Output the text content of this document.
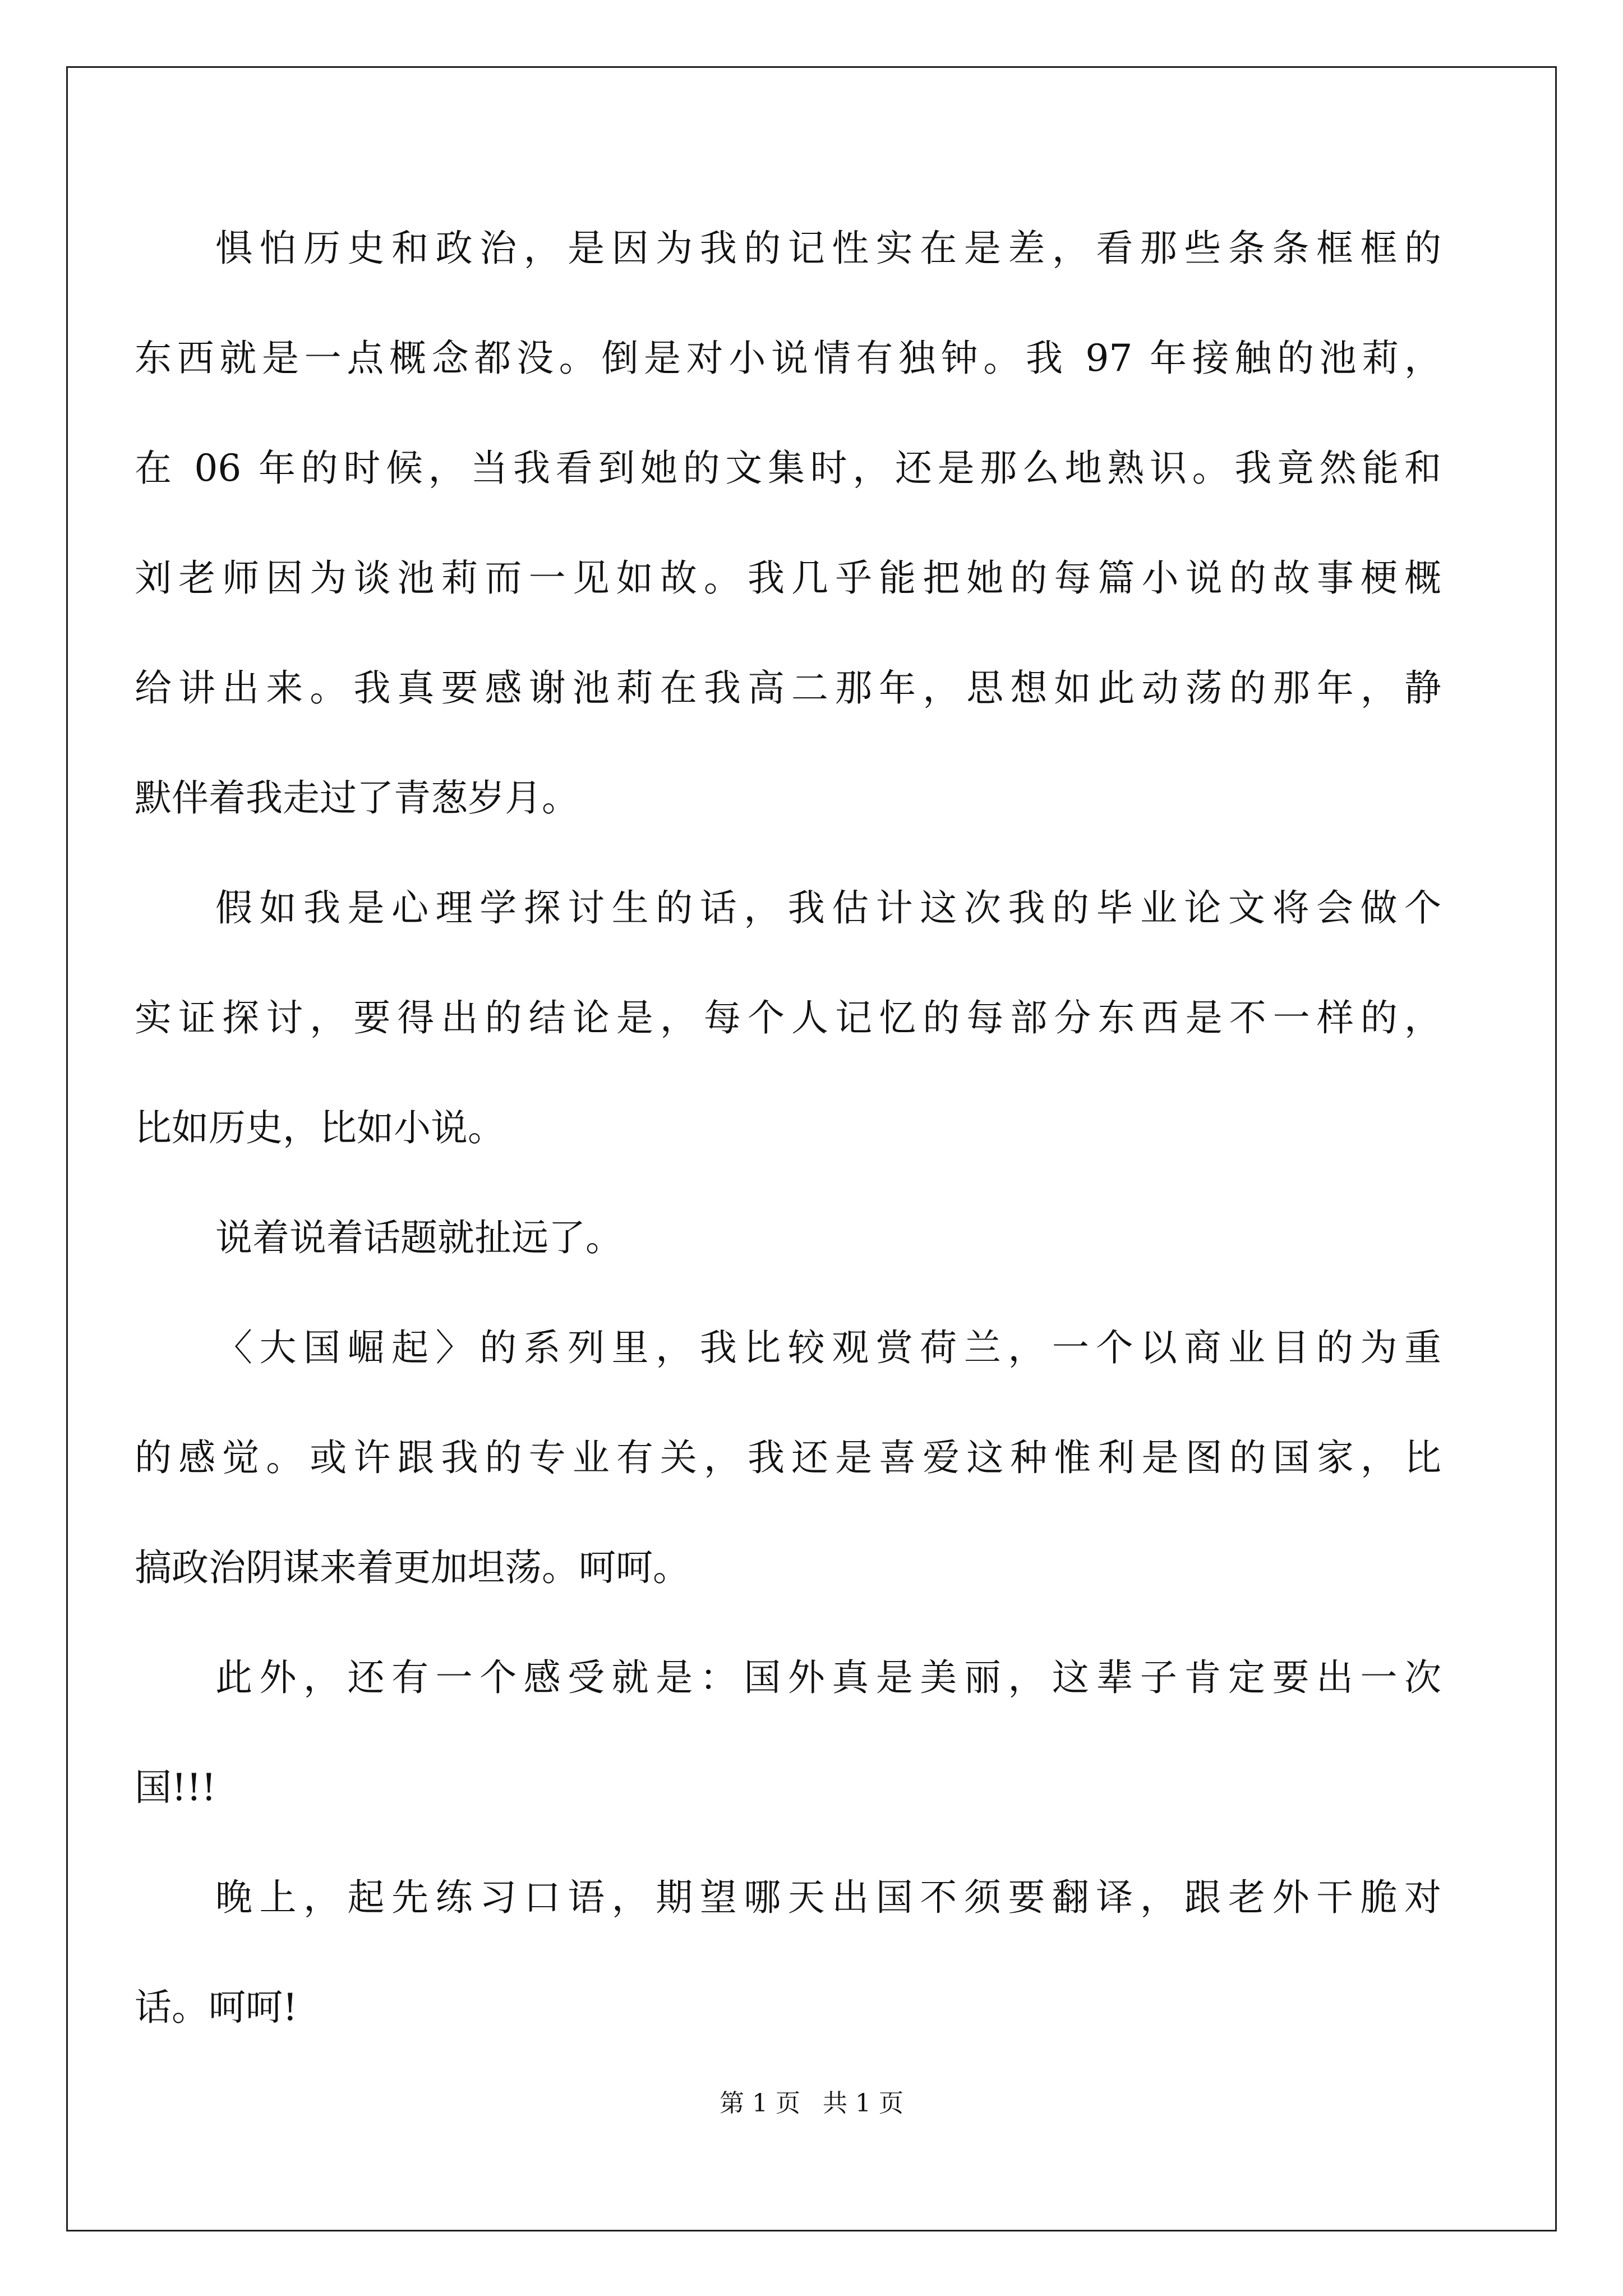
惧怕历史和政治，是因为我的记性实在是差，看那些条条框框的
东西就是一点概念都没。倒是对小说情有独钟。我 97 年接触的池莉，
在 06 年的时候，当我看到她的文集时，还是那么地熟识。我竟然能和
刘老师因为谈池莉而一见如故。我几乎能把她的每篇小说的故事梗概
给讲出来。我真要感谢池莉在我高二那年，思想如此动荡的那年，静
默伴着我走过了青葱岁月。
假如我是心理学探讨生的话，我估计这次我的毕业论文将会做个
实证探讨，要得出的结论是，每个人记忆的每部分东西是不一样的，
比如历史，比如小说。
说着说着话题就扯远了。
〈大国崛起〉的系列里，我比较观赏荷兰，一个以商业目的为重
的感觉。或许跟我的专业有关，我还是喜爱这种惟利是图的国家，比
搞政治阴谋来着更加坦荡。呵呵。
此外，还有一个感受就是：国外真是美丽，这辈子肯定要出一次
国!!!
晚上，起先练习口语，期望哪天出国不须要翻译，跟老外干脆对
话。呵呵!
第 1 页 共 1 页
